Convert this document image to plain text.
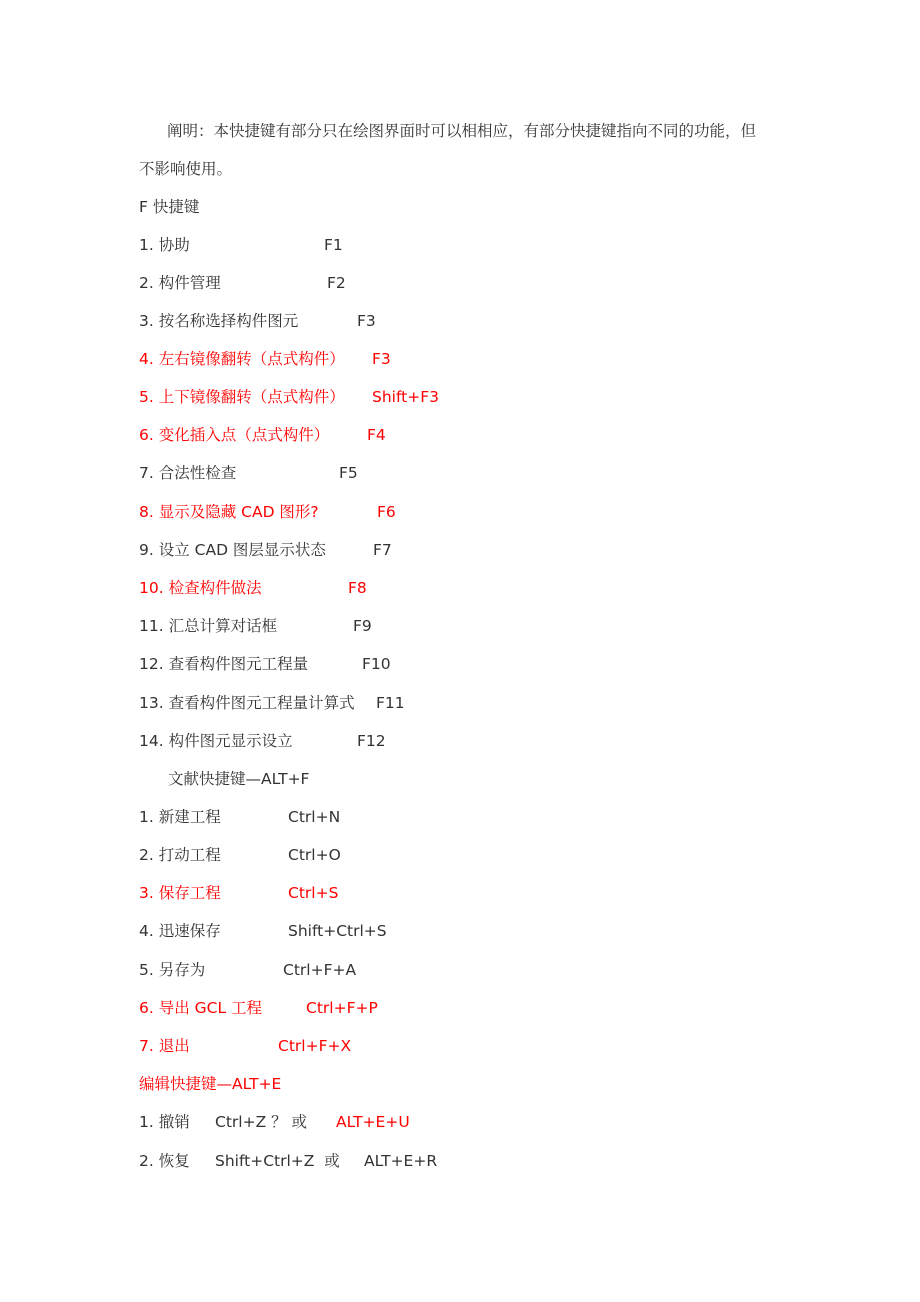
阐明：本快捷键有部分只在绘图界面时可以相相应，有部分快捷键指向不同的功能，但
不影响使用。
F 快捷键
1. 协助	F1
2. 构件管理	F2
3. 按名称选择构件图元	F3
4. 左右镜像翻转（点式构件） F3
5. 上下镜像翻转（点式构件） Shift+F3
6. 变化插入点（点式构件） F4
7. 合法性检查	F5
8. 显示及隐藏 CAD 图形?	F6
9. 设立 CAD 图层显示状态	F7
10. 检查构件做法	F8
11. 汇总计算对话框	F9
12. 查看构件图元工程量	F10
13. 查看构件图元工程量计算式 F11
14. 构件图元显示设立	F12
文献快捷键—ALT+F
1. 新建工程	Ctrl+N
2. 打动工程	Ctrl+O
3. 保存工程	Ctrl+S
4. 迅速保存	Shift+Ctrl+S
5. 另存为	Ctrl+F+A
6. 导出 GCL 工程	Ctrl+F+P
7. 退出	Ctrl+F+X
编辑快捷键—ALT+E
1. 撤销 Ctrl+Z ？ 或 ALT+E+U
2. 恢复 Shift+Ctrl+Z  或 ALT+E+R
